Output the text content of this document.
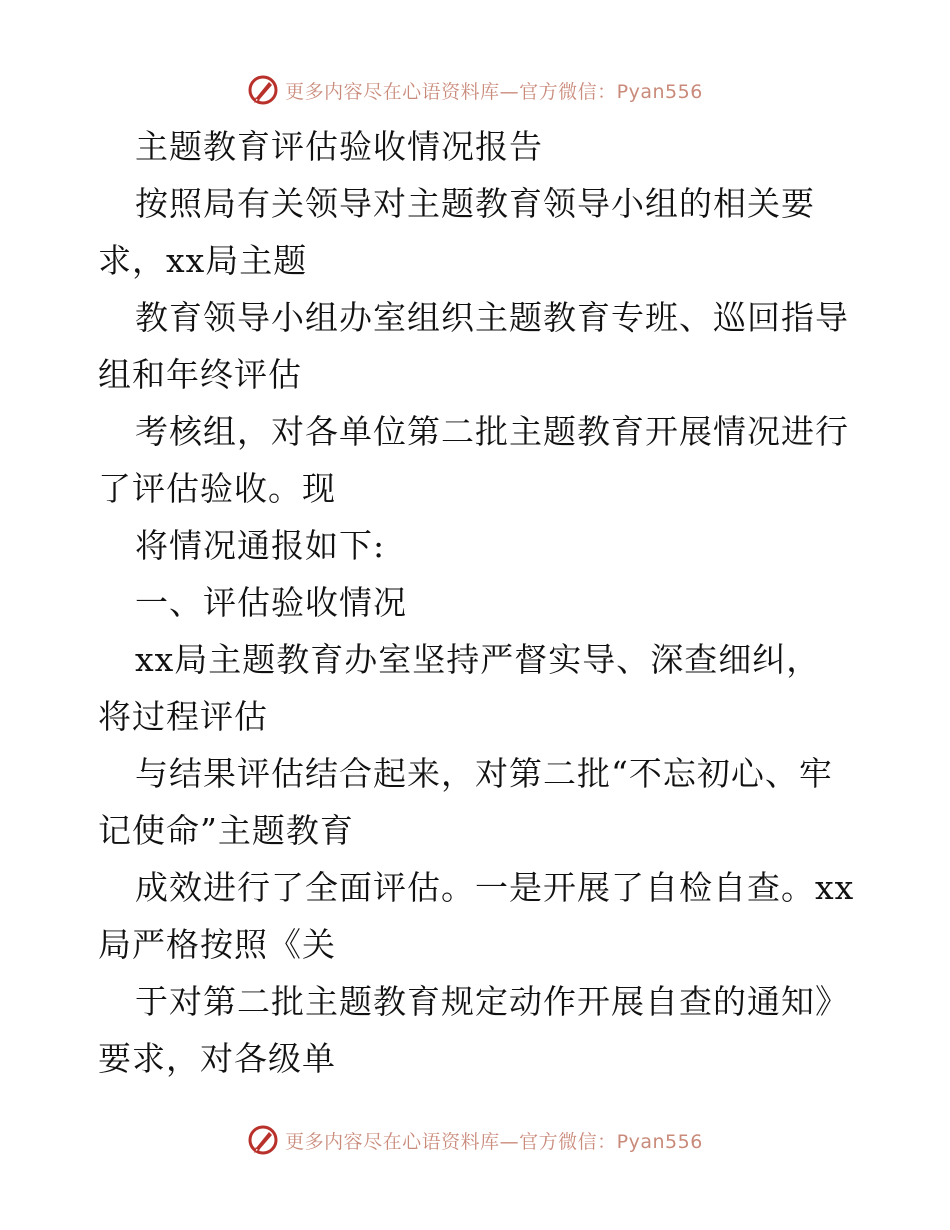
更多内容尽在心语资料库—官方微信：Pyan556
主题教育评估验收情况报告
按照局有关领导对主题教育领导小组的相关要
求，xx局主题
教育领导小组办室组织主题教育专班、巡回指导
组和年终评估
考核组，对各单位第二批主题教育开展情况进行
了评估验收。现
将情况通报如下:
一、评估验收情况
xx局主题教育办室坚持严督实导、深查细纠，
将过程评估
与结果评估结合起来，对第二批“不忘初心、牢
记使命”主题教育
成效进行了全面评估。一是开展了自检自查。xx
局严格按照《关
于对第二批主题教育规定动作开展自查的通知》
要求，对各级单
更多内容尽在心语资料库—官方微信：Pyan556
